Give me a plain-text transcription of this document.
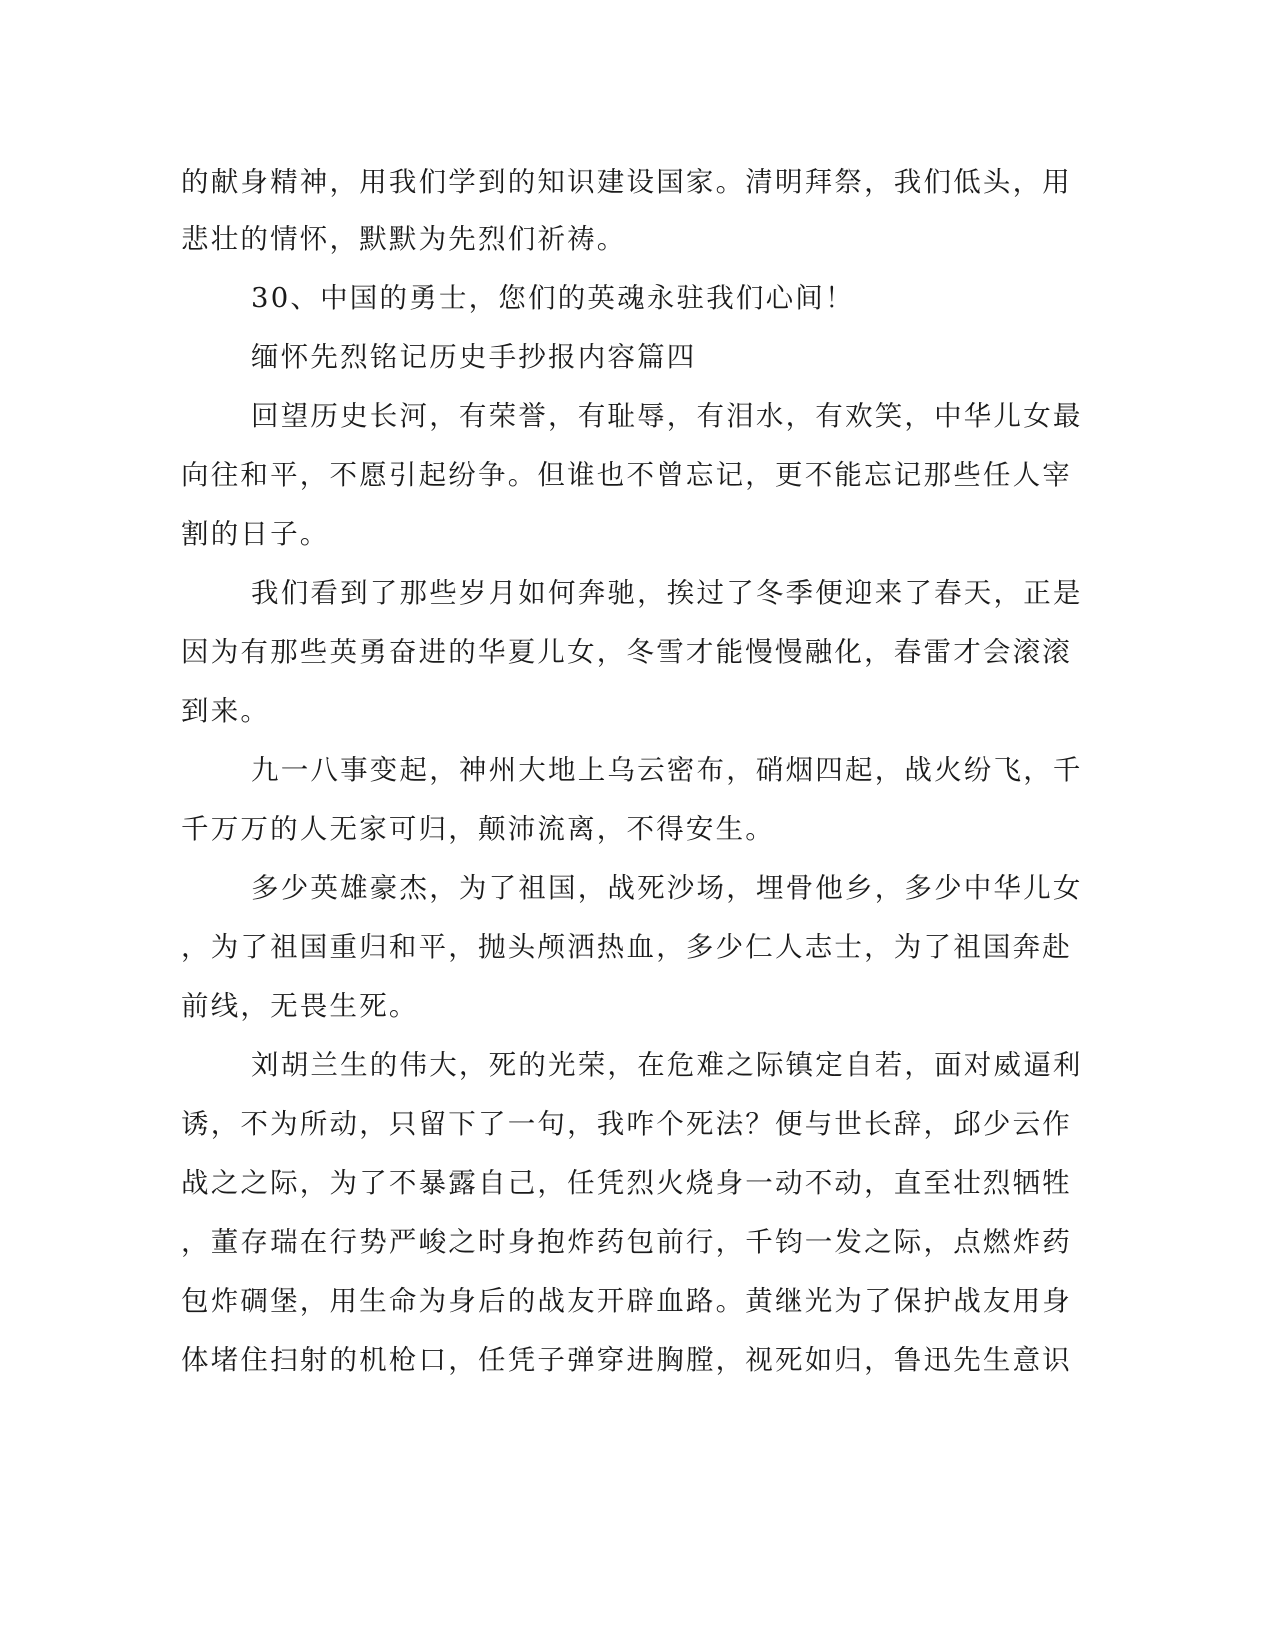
的献身精神，用我们学到的知识建设国家。清明拜祭，我们低头，用
悲壮的情怀，默默为先烈们祈祷。
30、中国的勇士，您们的英魂永驻我们心间！
缅怀先烈铭记历史手抄报内容篇四
回望历史长河，有荣誉，有耻辱，有泪水，有欢笑，中华儿女最
向往和平，不愿引起纷争。但谁也不曾忘记，更不能忘记那些任人宰
割的日子。
我们看到了那些岁月如何奔驰，挨过了冬季便迎来了春天，正是
因为有那些英勇奋进的华夏儿女，冬雪才能慢慢融化，春雷才会滚滚
到来。
九一八事变起，神州大地上乌云密布，硝烟四起，战火纷飞，千
千万万的人无家可归，颠沛流离，不得安生。
多少英雄豪杰，为了祖国，战死沙场，埋骨他乡，多少中华儿女
，为了祖国重归和平，抛头颅洒热血，多少仁人志士，为了祖国奔赴
前线，无畏生死。
刘胡兰生的伟大，死的光荣，在危难之际镇定自若，面对威逼利
诱，不为所动，只留下了一句，我咋个死法？便与世长辞，邱少云作
战之之际，为了不暴露自己，任凭烈火烧身一动不动，直至壮烈牺牲
，董存瑞在行势严峻之时身抱炸药包前行，千钧一发之际，点燃炸药
包炸碉堡，用生命为身后的战友开辟血路。黄继光为了保护战友用身
体堵住扫射的机枪口，任凭子弹穿进胸膛，视死如归，鲁迅先生意识
